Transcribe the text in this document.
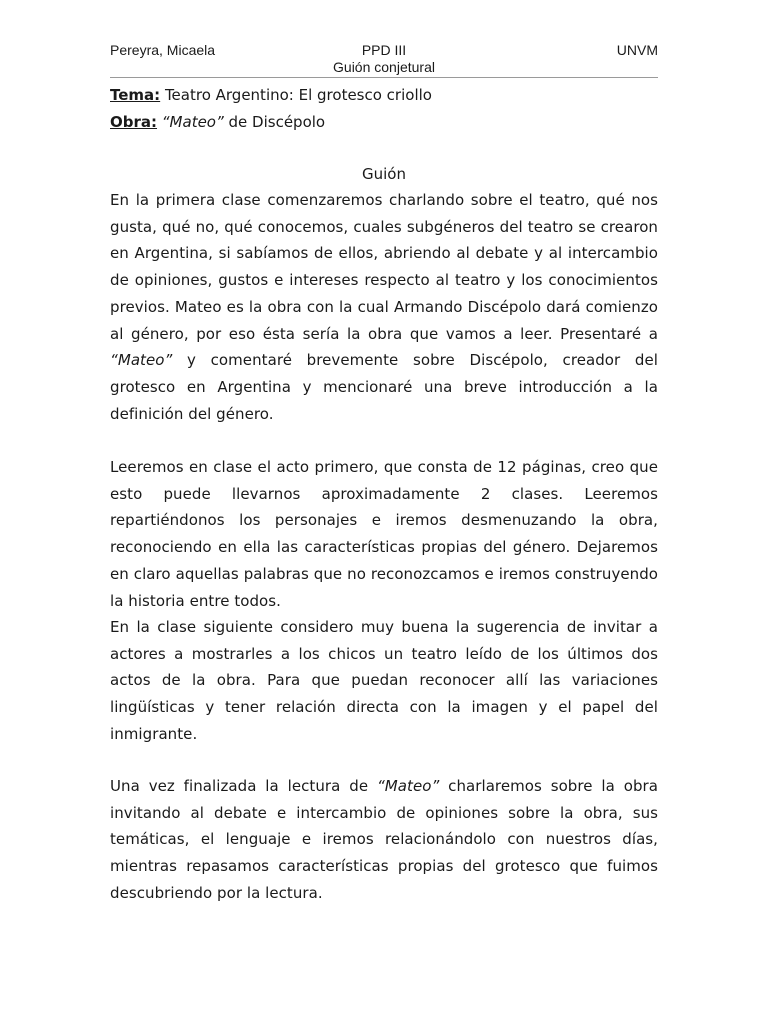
Pereyra, Micaela	PPD III
Guión conjetural
UNVM
Tema: Teatro Argentino: El grotesco criollo
Obra: “Mateo” de Discépolo
Guión

En la primera clase comenzaremos charlando sobre el teatro, qué nos gusta, qué no, qué conocemos, cuales subgéneros del teatro se crearon en Argentina, si sabíamos de ellos, abriendo al debate y al intercambio de opiniones, gustos e intereses respecto al teatro y los conocimientos previos. Mateo es la obra con la cual Armando Discépolo dará comienzo al género, por eso ésta sería la obra que vamos a leer. Presentaré a “Mateo” y comentaré brevemente sobre Discépolo, creador del grotesco en Argentina y mencionaré una breve introducción a la definición del género.

Leeremos en clase el acto primero, que consta de 12 páginas, creo que esto puede llevarnos aproximadamente 2 clases. Leeremos repartiéndonos los personajes e iremos desmenuzando la obra, reconociendo en ella las características propias del género. Dejaremos en claro aquellas palabras que no reconozcamos e iremos construyendo la historia entre todos.

En la clase siguiente considero muy buena la sugerencia de invitar a actores a mostrarles a los chicos un teatro leído de los últimos dos actos de la obra. Para que puedan reconocer allí las variaciones lingüísticas y tener relación directa con la imagen y el papel del inmigrante.

Una vez finalizada la lectura de “Mateo” charlaremos sobre la obra invitando al debate e intercambio de opiniones sobre la obra, sus temáticas, el lenguaje e iremos relacionándolo con nuestros días, mientras repasamos características propias del grotesco que fuimos descubriendo por la lectura.
